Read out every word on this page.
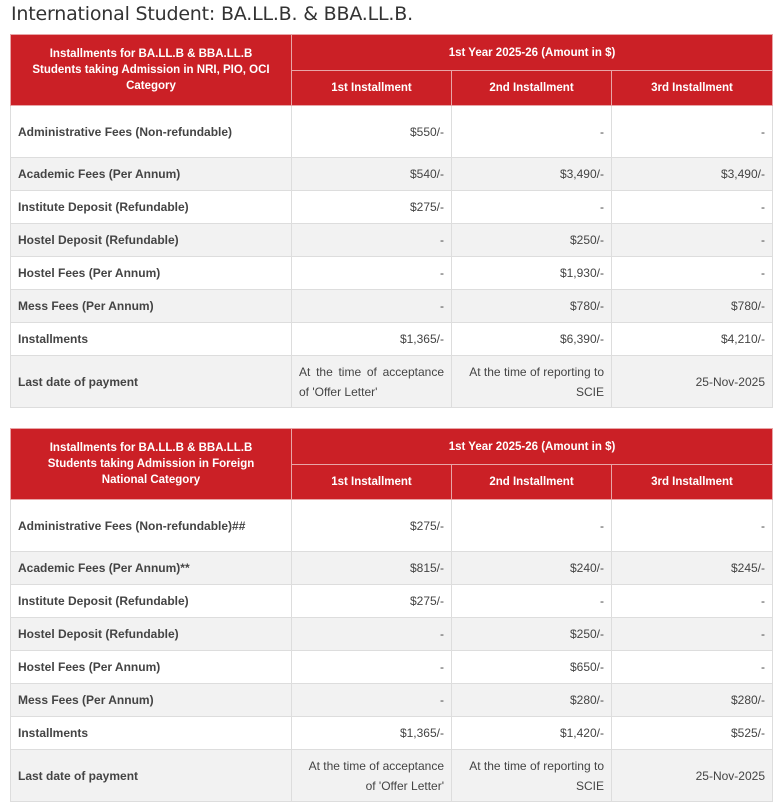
International Student: BA.LL.B. & BBA.LL.B.
Installments for BA.LL.B & BBA.LL.B Students taking Admission in NRI, PIO, OCI Category	1st Year 2025-26 (Amount in $)		
	1st Installment	2nd Installment	3rd Installment
Administrative Fees (Non-refundable)	$550/-	-	-
Academic Fees (Per Annum)	$540/-	$3,490/-	$3,490/-
Institute Deposit (Refundable)	$275/-	-	-
Hostel Deposit (Refundable)	-	$250/-	-
Hostel Fees (Per Annum)	-	$1,930/-	-
Mess Fees (Per Annum)	-	$780/-	$780/-
Installments	$1,365/-	$6,390/-	$4,210/-
Last date of payment	At the time of acceptance of 'Offer Letter'	At the time of reporting to SCIE	25-Nov-2025
Installments for BA.LL.B & BBA.LL.B Students taking Admission in Foreign National Category	1st Year 2025-26 (Amount in $)		
	1st Installment	2nd Installment	3rd Installment
Administrative Fees (Non-refundable)##	$275/-	-	-
Academic Fees (Per Annum)**	$815/-	$240/-	$245/-
Institute Deposit (Refundable)	$275/-	-	-
Hostel Deposit (Refundable)	-	$250/-	-
Hostel Fees (Per Annum)	-	$650/-	-
Mess Fees (Per Annum)	-	$280/-	$280/-
Installments	$1,365/-	$1,420/-	$525/-
Last date of payment	At the time of acceptance of 'Offer Letter'	At the time of reporting to SCIE	25-Nov-2025
